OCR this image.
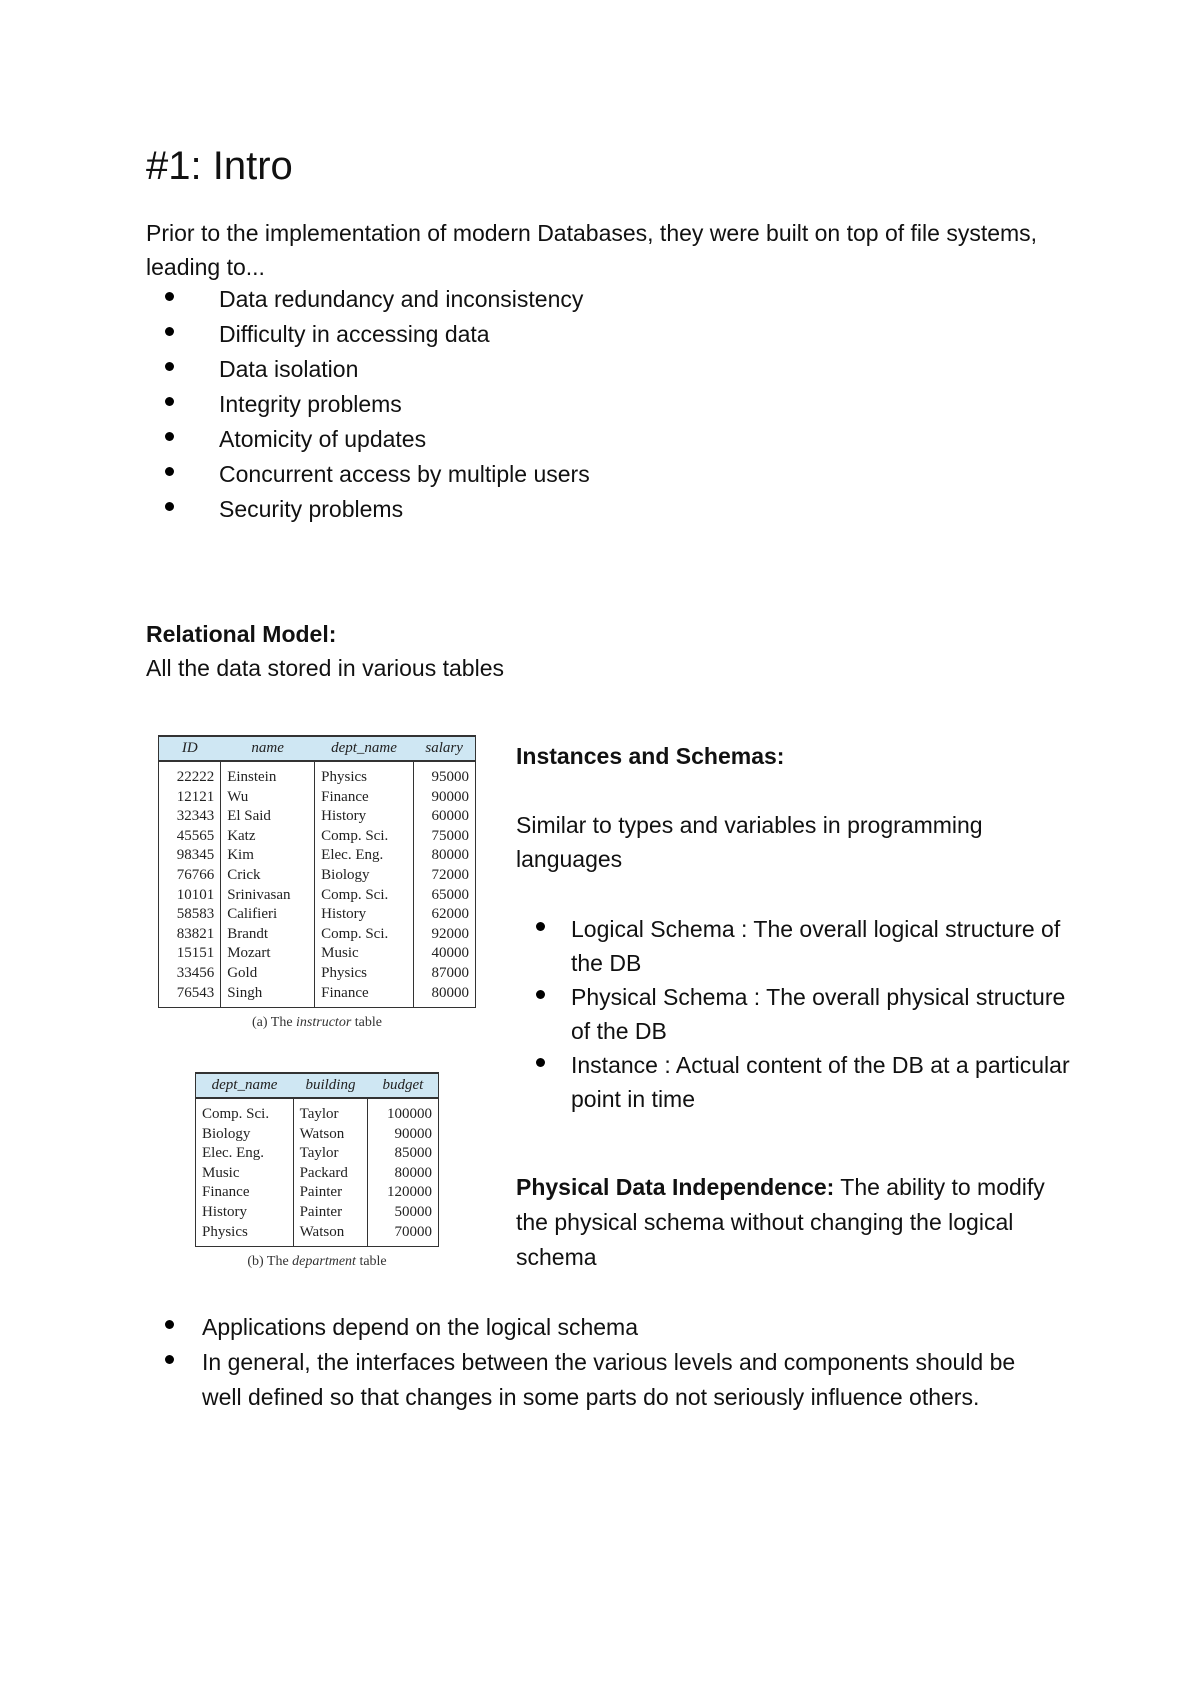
#1: Intro

Prior to the implementation of modern Databases, they were built on top of file systems, leading to...

Data redundancy and inconsistency
Difficulty in accessing data
Data isolation
Integrity problems
Atomicity of updates
Concurrent access by multiple users
Security problems
Relational Model:
All the data stored in various tables
ID	name	dept_name	salary
22222	Einstein	Physics	95000
12121	Wu	Finance	90000
32343	El Said	History	60000
45565	Katz	Comp. Sci.	75000
98345	Kim	Elec. Eng.	80000
76766	Crick	Biology	72000
10101	Srinivasan	Comp. Sci.	65000
58583	Califieri	History	62000
83821	Brandt	Comp. Sci.	92000
15151	Mozart	Music	40000
33456	Gold	Physics	87000
76543	Singh	Finance	80000
(a) The instructor table
dept_name	building	budget
Comp. Sci.	Taylor	100000
Biology	Watson	90000
Elec. Eng.	Taylor	85000
Music	Packard	80000
Finance	Painter	120000
History	Painter	50000
Physics	Watson	70000
(b) The department table
Instances and Schemas:
Similar to types and variables in programming languages
Logical Schema : The overall logical structure of the DB
Physical Schema : The overall physical structure of the DB
Instance : Actual content of the DB at a particular point in time
Physical Data Independence: The ability to modify the physical schema without changing the logical schema
Applications depend on the logical schema
In general, the interfaces between the various levels and components should be well defined so that changes in some parts do not seriously influence others.
